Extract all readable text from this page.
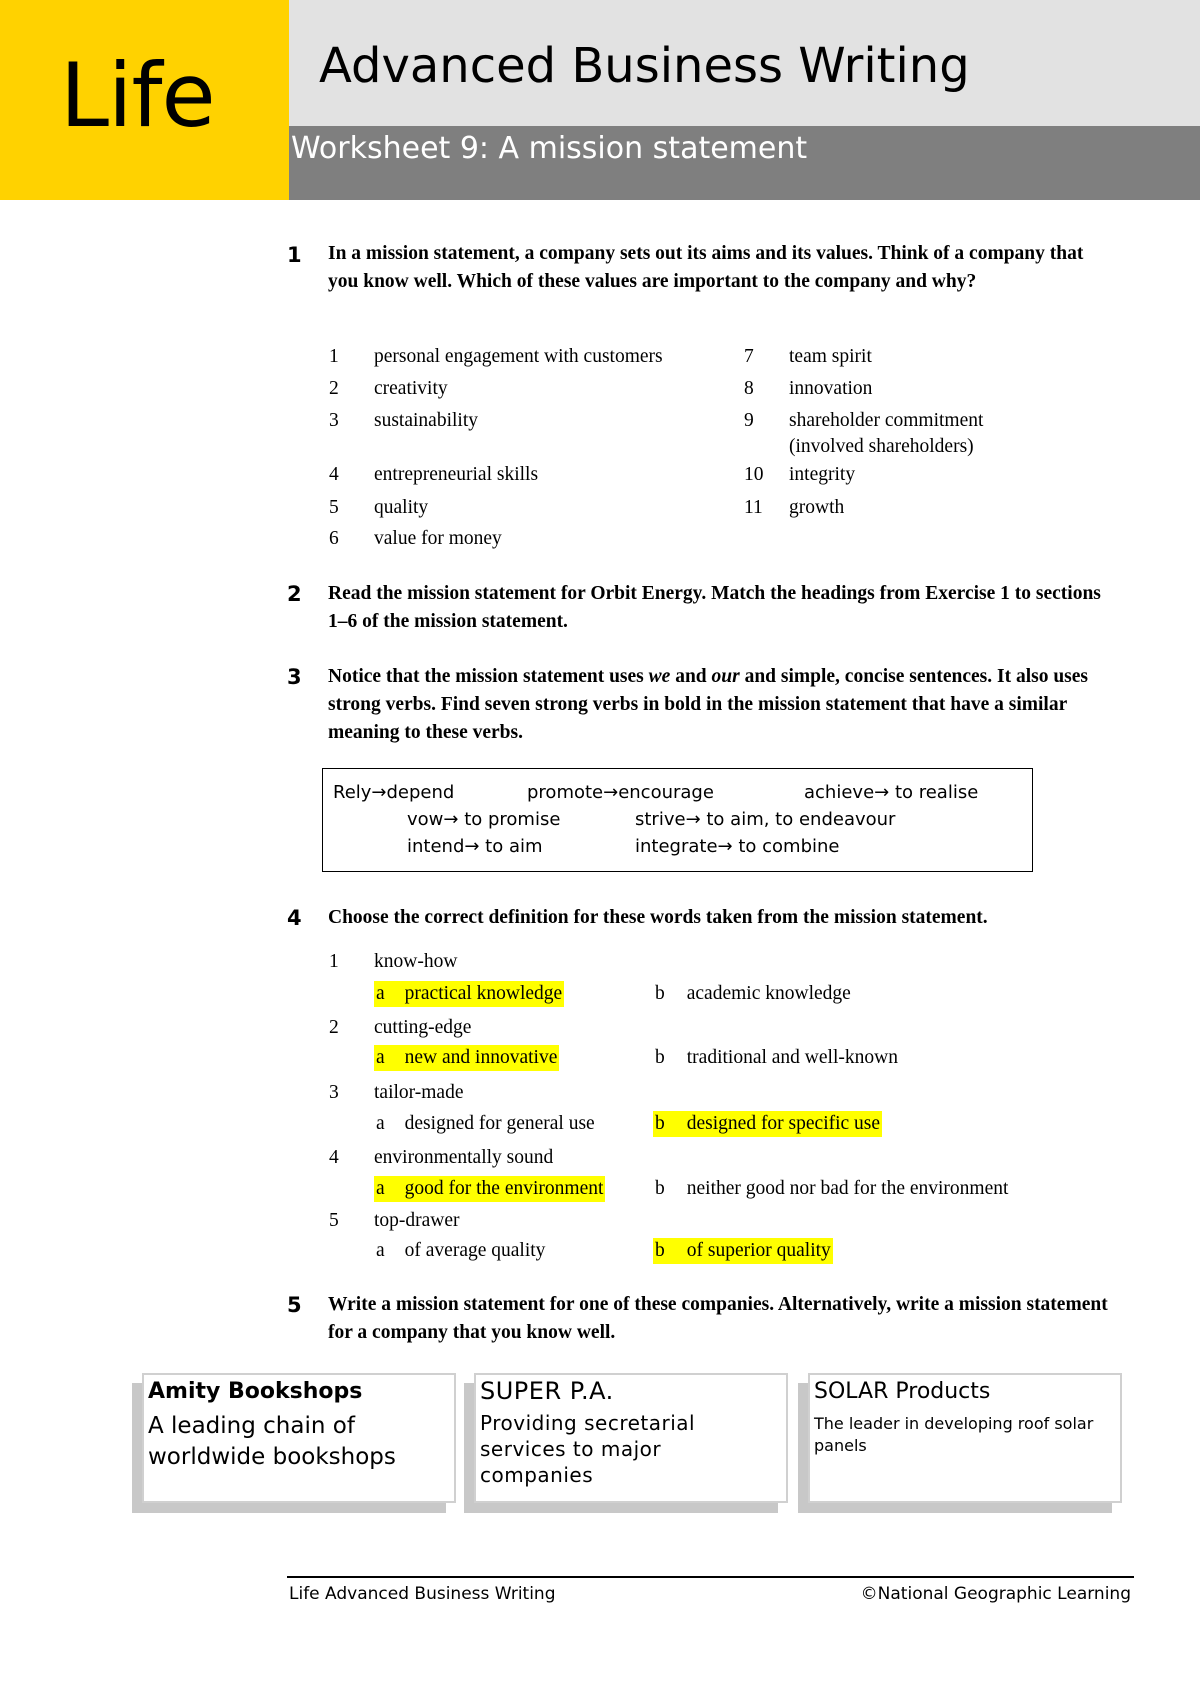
Life Advanced Business Writing
Worksheet 9: A mission statement
1 In a mission statement, a company sets out its aims and its values. Think of a company that you know well. Which of these values are important to the company and why?
1 personal engagement with customers
2 creativity
3 sustainability
4 entrepreneurial skills
5 quality
6 value for money
7 team spirit
8 innovation
9 shareholder commitment
(involved shareholders)
10 integrity
11 growth
2 Read the mission statement for Orbit Energy. Match the headings from Exercise 1 to sections 1–6 of the mission statement.
3 Notice that the mission statement uses we and our and simple, concise sentences. It also uses strong verbs. Find seven strong verbs in bold in the mission statement that have a similar meaning to these verbs.
Rely→depend	promote→encourage	achieve→ to realise
vow→ to promise	strive→ to aim, to endeavour
intend→ to aim	integrate→ to combine
4 Choose the correct definition for these words taken from the mission statement.
1 know-how
a practical knowledge	b academic knowledge
2 cutting-edge
a new and innovative	b traditional and well-known
3 tailor-made
a designed for general use	b designed for specific use
4 environmentally sound
a good for the environment	b neither good nor bad for the environment
5 top-drawer
a of average quality	b of superior quality
5 Write a mission statement for one of these companies. Alternatively, write a mission statement for a company that you know well.
Amity Bookshops
A leading chain of worldwide bookshops
SUPER P.A.
Providing secretarial services to major companies
SOLAR Products
The leader in developing roof solar panels
Life Advanced Business Writing	©National Geographic Learning
